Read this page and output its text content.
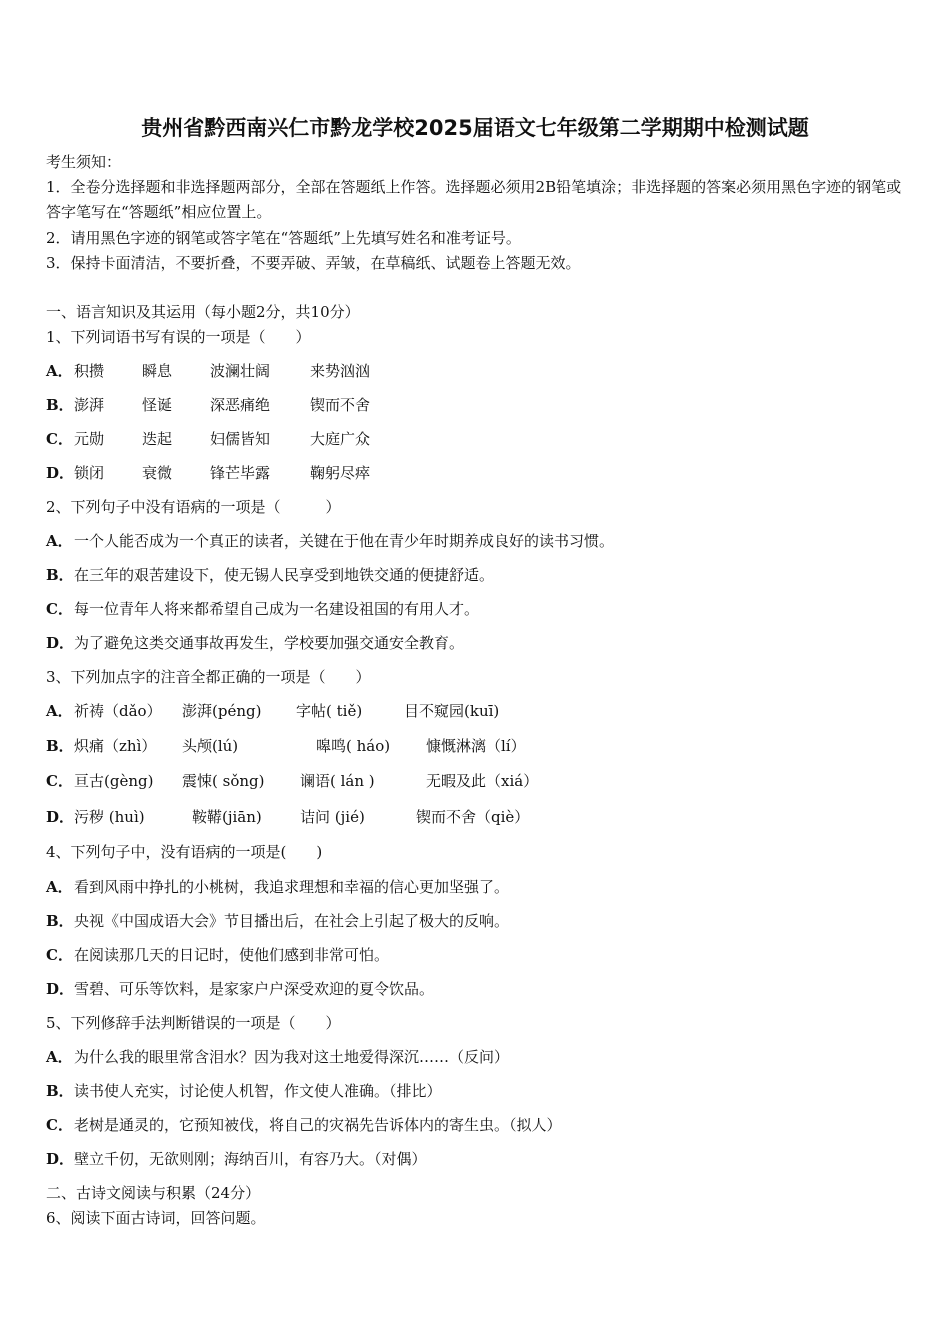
贵州省黔西南兴仁市黔龙学校2025届语文七年级第二学期期中检测试题
考生须知：
1．全卷分选择题和非选择题两部分，全部在答题纸上作答。选择题必须用2B铅笔填涂；非选择题的答案必须用黑色字迹的钢笔或答字笔写在“答题纸”相应位置上。
2．请用黑色字迹的钢笔或答字笔在“答题纸”上先填写姓名和准考证号。
3．保持卡面清洁，不要折叠，不要弄破、弄皱，在草稿纸、试题卷上答题无效。
一、语言知识及其运用（每小题2分，共10分）
1、下列词语书写有误的一项是（　　）
A．积攒	瞬息	波澜壮阔	来势汹汹
B．澎湃	怪诞	深恶痛绝	锲而不舍
C．元勋	迭起	妇儒皆知	大庭广众
D．锁闭	衰微	锋芒毕露	鞠躬尽瘁
2、下列句子中没有语病的一项是（　　　）
A．一个人能否成为一个真正的读者，关键在于他在青少年时期养成良好的读书习惯。
B．在三年的艰苦建设下，使无锡人民享受到地铁交通的便捷舒适。
C．每一位青年人将来都希望自己成为一名建设祖国的有用人才。
D．为了避免这类交通事故再发生，学校要加强交通安全教育。
3、下列加点字的注音全都正确的一项是（　　）
A．祈祷（dǎo） 澎湃(péng) 字帖( tiě)	目不窥园(kuī)
B．炽痛（zhì） 头颅(lú)	嗥鸣( háo) 慷慨淋漓（lí）
C．亘古(gèng) 震悚( sǒng) 谰语( lán )	无暇及此（xiá）
D．污秽 (huì)	鞍鞯(jiān)	诘问 (jié)	锲而不舍（qiè）
4、下列句子中，没有语病的一项是(　　)
A．看到风雨中挣扎的小桃树，我追求理想和幸福的信心更加坚强了。
B．央视《中国成语大会》节目播出后，在社会上引起了极大的反响。
C．在阅读那几天的日记时，使他们感到非常可怕。
D．雪碧、可乐等饮料，是家家户户深受欢迎的夏令饮品。
5、下列修辞手法判断错误的一项是（　　）
A．为什么我的眼里常含泪水？因为我对这土地爱得深沉……（反问）
B．读书使人充实，讨论使人机智，作文使人准确。（排比）
C．老树是通灵的，它预知被伐，将自己的灾祸先告诉体内的寄生虫。（拟人）
D．壁立千仞，无欲则刚；海纳百川，有容乃大。（对偶）
二、古诗文阅读与积累（24分）
6、阅读下面古诗词，回答问题。
